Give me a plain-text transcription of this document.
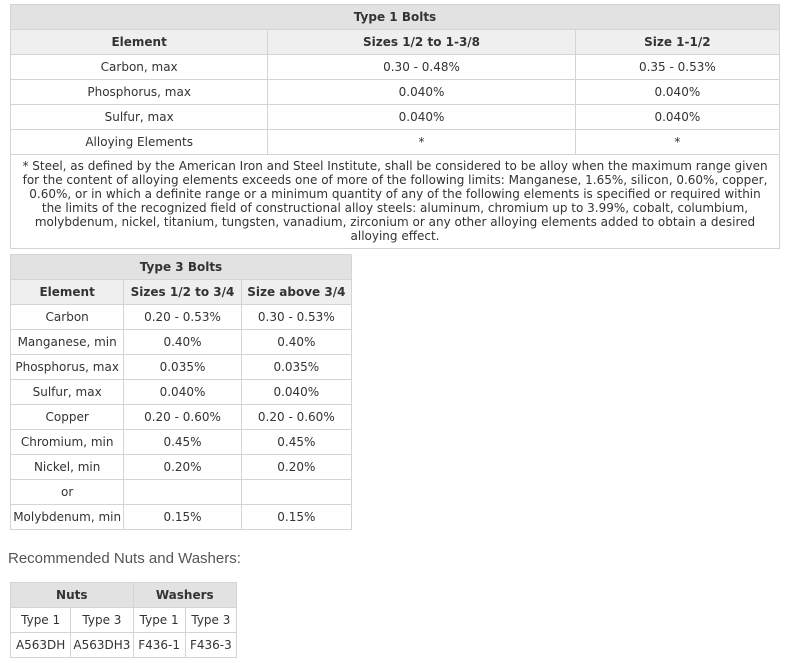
Type 1 Bolts		
Element	Sizes 1/2 to 1-3/8	Size 1-1/2
Carbon, max	0.30 - 0.48%	0.35 - 0.53%
Phosphorus, max	0.040%	0.040%
Sulfur, max	0.040%	0.040%
Alloying Elements	*	*
* Steel, as defined by the American Iron and Steel Institute, shall be considered to be alloy when the maximum range given for the content of alloying elements exceeds one of more of the following limits: Manganese, 1.65%, silicon, 0.60%, copper, 0.60%, or in which a definite range or a minimum quantity of any of the following elements is specified or required within the limits of the recognized field of constructional alloy steels: aluminum, chromium up to 3.99%, cobalt, columbium, molybdenum, nickel, titanium, tungsten, vanadium, zirconium or any other alloying elements added to obtain a desired alloying effect.		
Type 3 Bolts		
Element	Sizes 1/2 to 3/4	Size above 3/4
Carbon	0.20 - 0.53%	0.30 - 0.53%
Manganese, min	0.40%	0.40%
Phosphorus, max	0.035%	0.035%
Sulfur, max	0.040%	0.040%
Copper	0.20 - 0.60%	0.20 - 0.60%
Chromium, min	0.45%	0.45%
Nickel, min	0.20%	0.20%
or		
Molybdenum, min	0.15%	0.15%
Recommended Nuts and Washers:
Nuts		Washers	
Type 1	Type 3	Type 1	Type 3
A563DH	A563DH3	F436-1	F436-3
